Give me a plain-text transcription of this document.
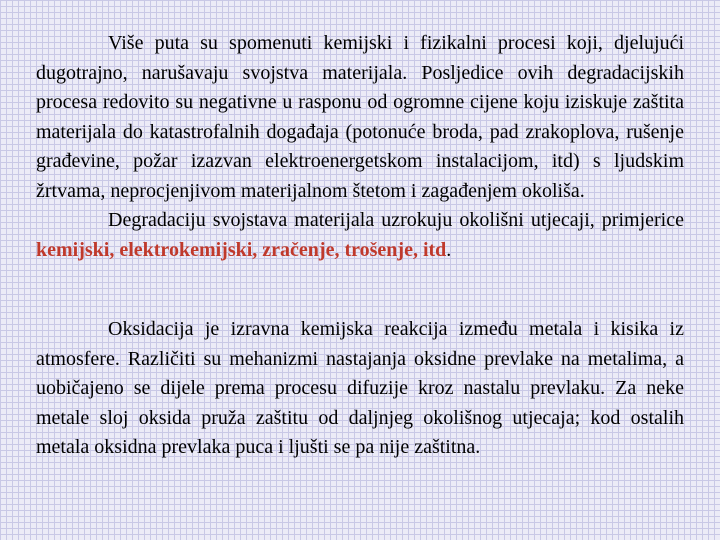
Više puta su spomenuti kemijski i fizikalni procesi koji, djelujući dugotrajno, narušavaju svojstva materijala. Posljedice ovih degradacijskih procesa redovito su negativne u rasponu od ogromne cijene koju iziskuje zaštita materijala do katastrofalnih događaja (potonuće broda, pad zrakoplova, rušenje građevine, požar izazvan elektroenergetskom instalacijom, itd) s ljudskim žrtvama, neprocjenjivom materijalnom štetom i zagađenjem okoliša.

Degradaciju svojstava materijala uzrokuju okolišni utjecaji, primjerice kemijski, elektrokemijski, zračenje, trošenje, itd.

Oksidacija je izravna kemijska reakcija između metala i kisika iz atmosfere. Različiti su mehanizmi nastajanja oksidne prevlake na metalima, a uobičajeno se dijele prema procesu difuzije kroz nastalu prevlaku. Za neke metale sloj oksida pruža zaštitu od daljnjeg okolišnog utjecaja; kod ostalih metala oksidna prevlaka puca i ljušti se pa nije zaštitna.
